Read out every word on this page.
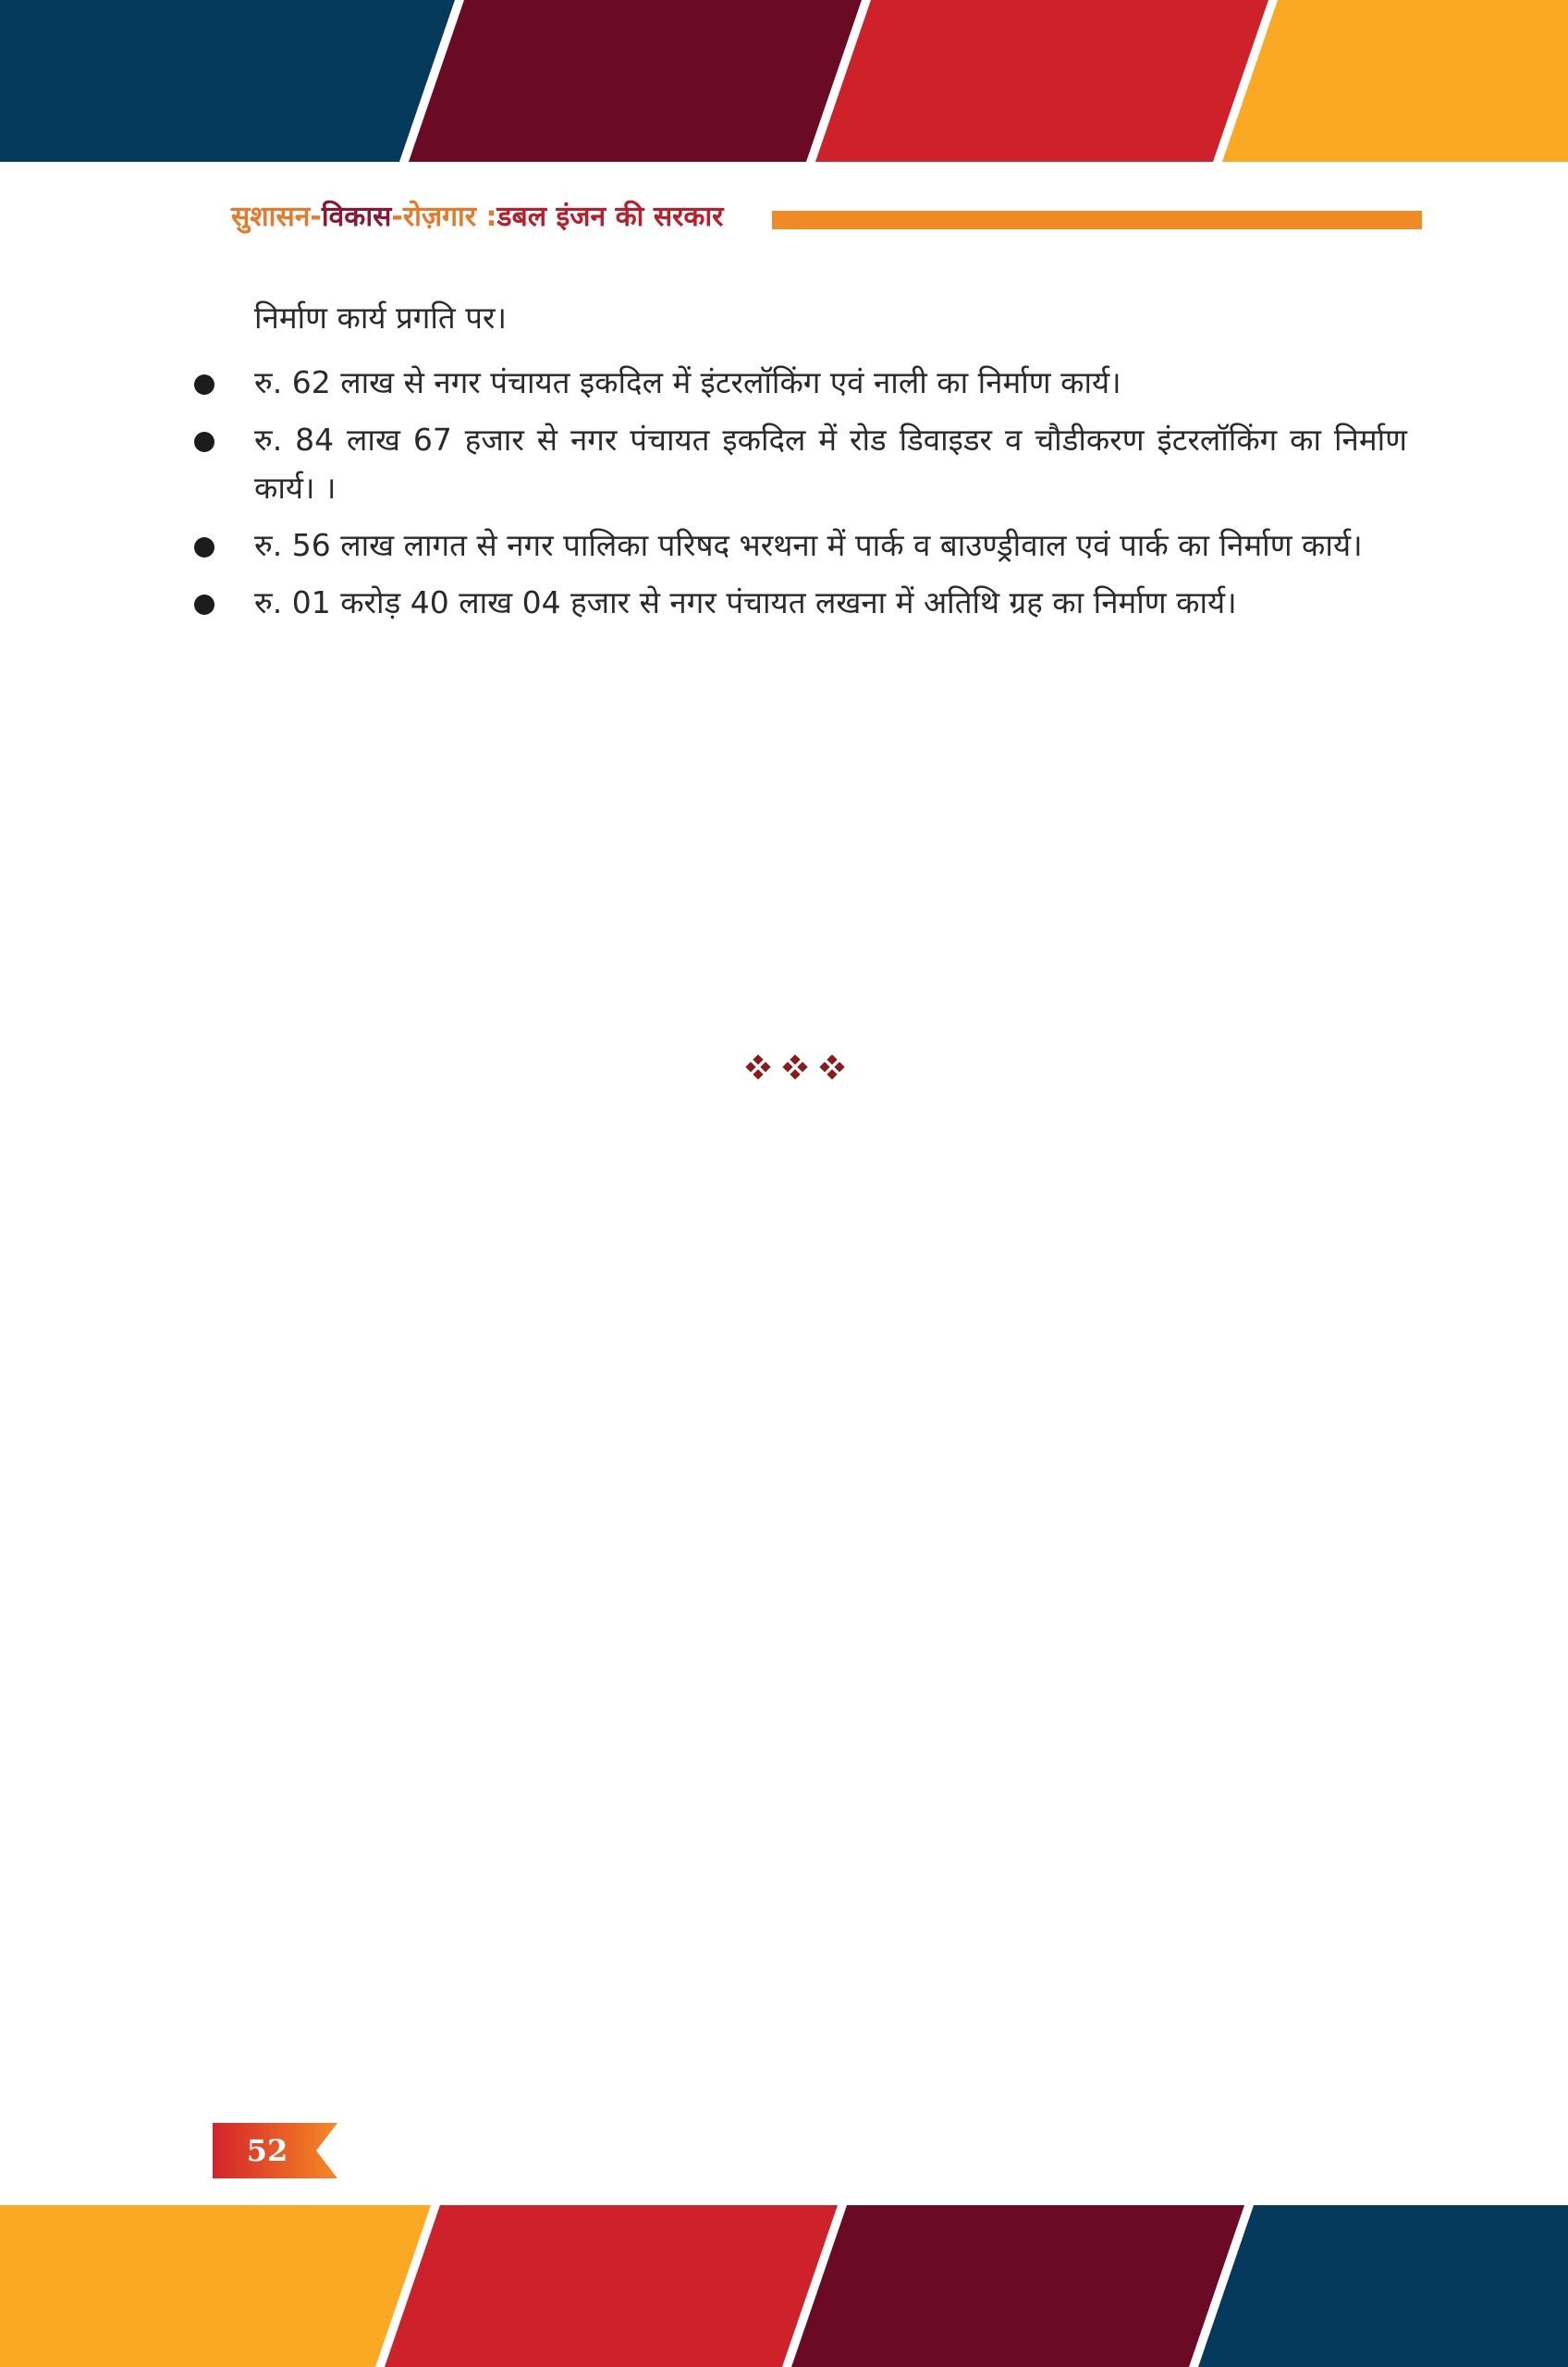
सुशासन- विकास -रोज़गार : डबल इंजन की सरकार
निर्माण कार्य प्रगति पर।
रु. 62 लाख से नगर पंचायत इकदिल में इंटरलॉकिंग एवं नाली का निर्माण कार्य।
रु. 84 लाख 67 हजार से नगर पंचायत इकदिल में रोड डिवाइडर व चौडीकरण इंटरलॉकिंग का निर्माण कार्य। ।
रु. 56 लाख लागत से नगर पालिका परिषद भरथना में पार्क व बाउण्ड्रीवाल एवं पार्क का निर्माण कार्य।
रु. 01 करोड़ 40 लाख 04 हजार से नगर पंचायत लखना में अतिथि ग्रह का निर्माण कार्य।
52
